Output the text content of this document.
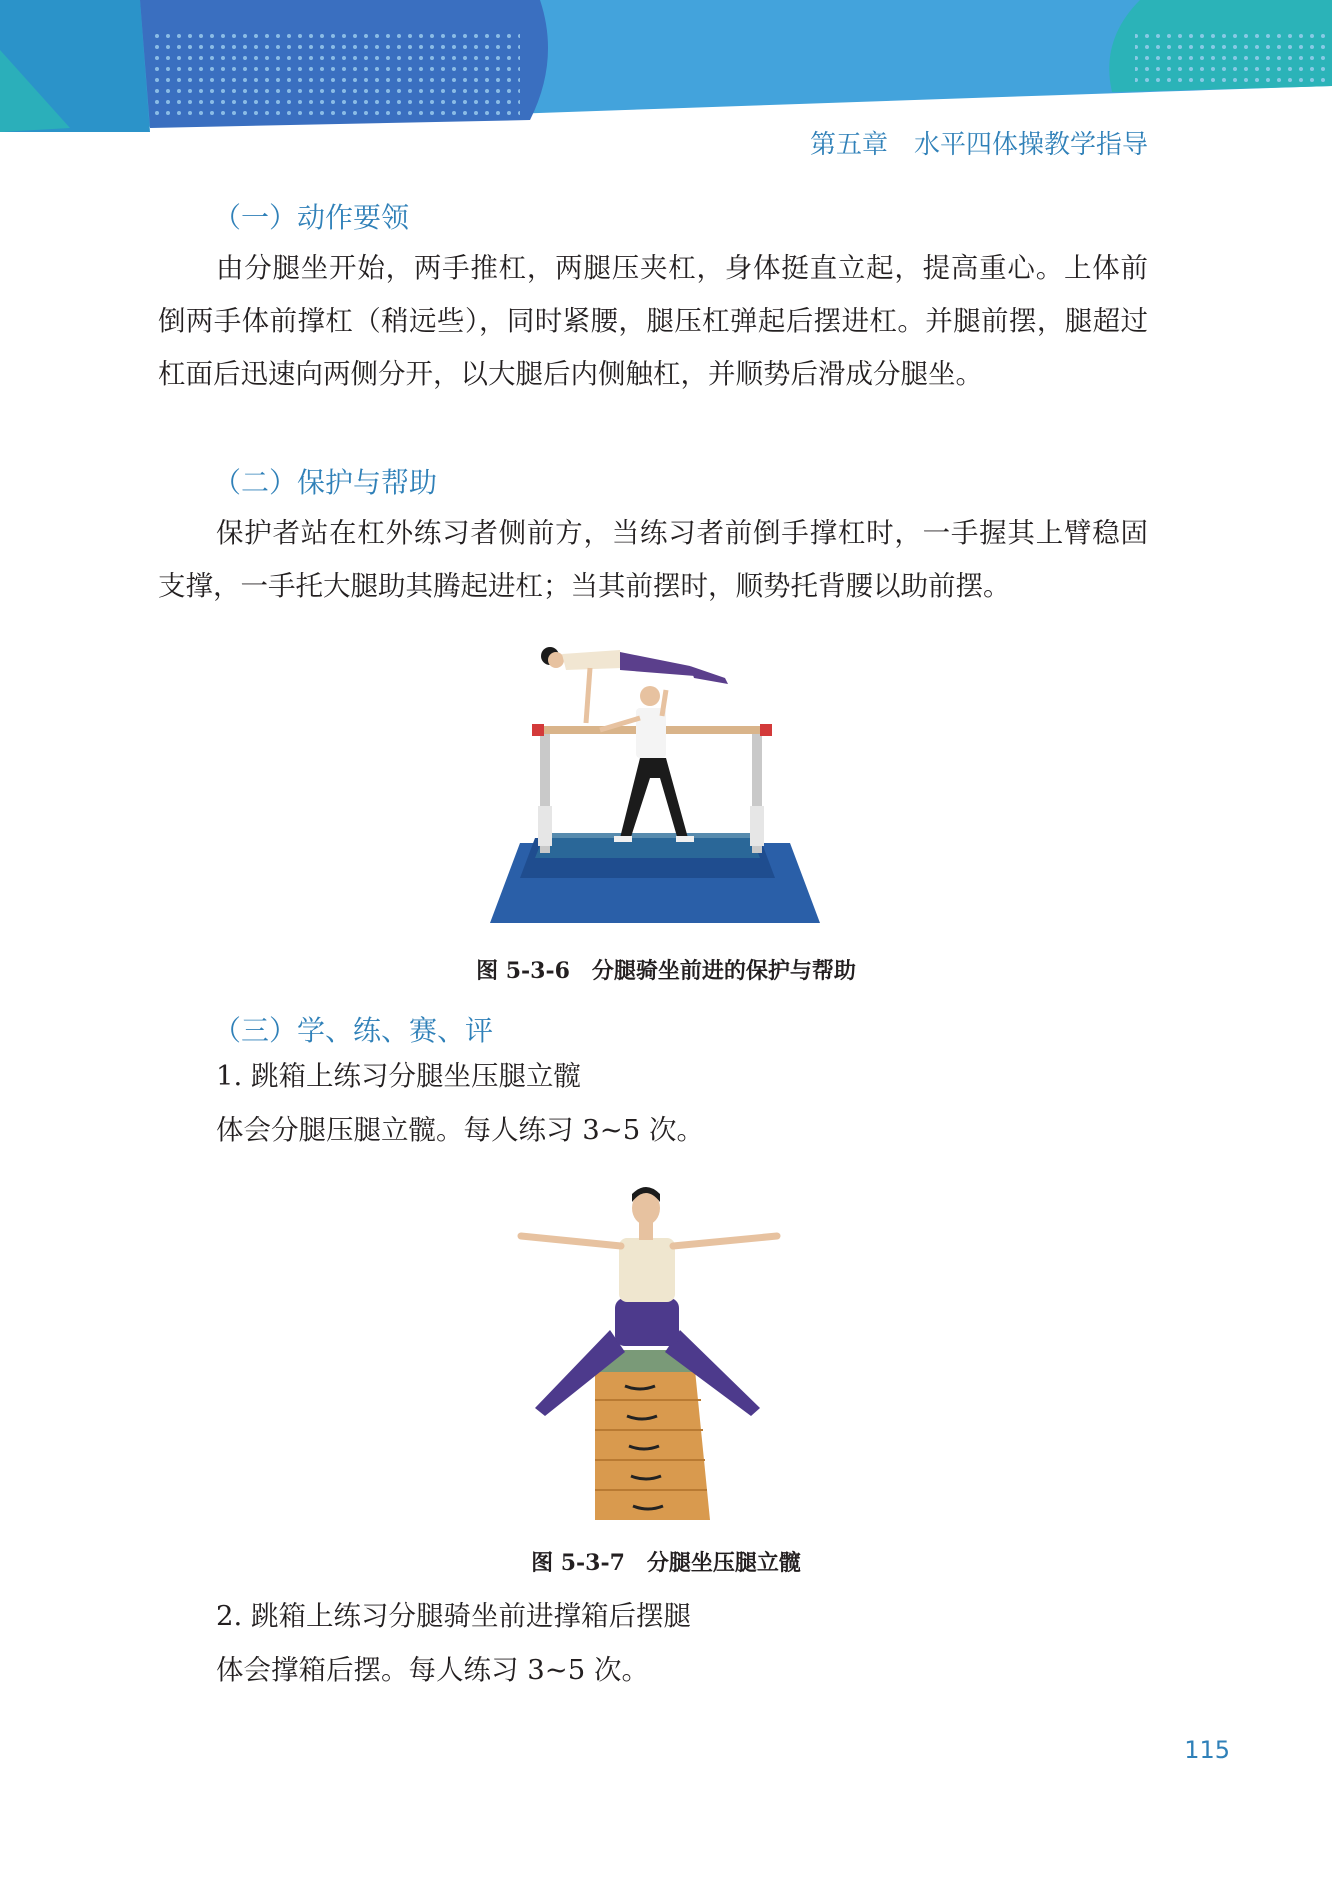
第五章　水平四体操教学指导
（一）动作要领

由分腿坐开始，两手推杠，两腿压夹杠，身体挺直立起，提高重心。上体前倒两手体前撑杠（稍远些），同时紧腰，腿压杠弹起后摆进杠。并腿前摆，腿超过杠面后迅速向两侧分开，以大腿后内侧触杠，并顺势后滑成分腿坐。

（二）保护与帮助

保护者站在杠外练习者侧前方，当练习者前倒手撑杠时，一手握其上臂稳固支撑，一手托大腿助其腾起进杠；当其前摆时，顺势托背腰以助前摆。

图 5-3-6　分腿骑坐前进的保护与帮助

（三）学、练、赛、评

1. 跳箱上练习分腿坐压腿立髋

体会分腿压腿立髋。每人练习 3~5 次。

图 5-3-7　分腿坐压腿立髋

2. 跳箱上练习分腿骑坐前进撑箱后摆腿

体会撑箱后摆。每人练习 3~5 次。

115
